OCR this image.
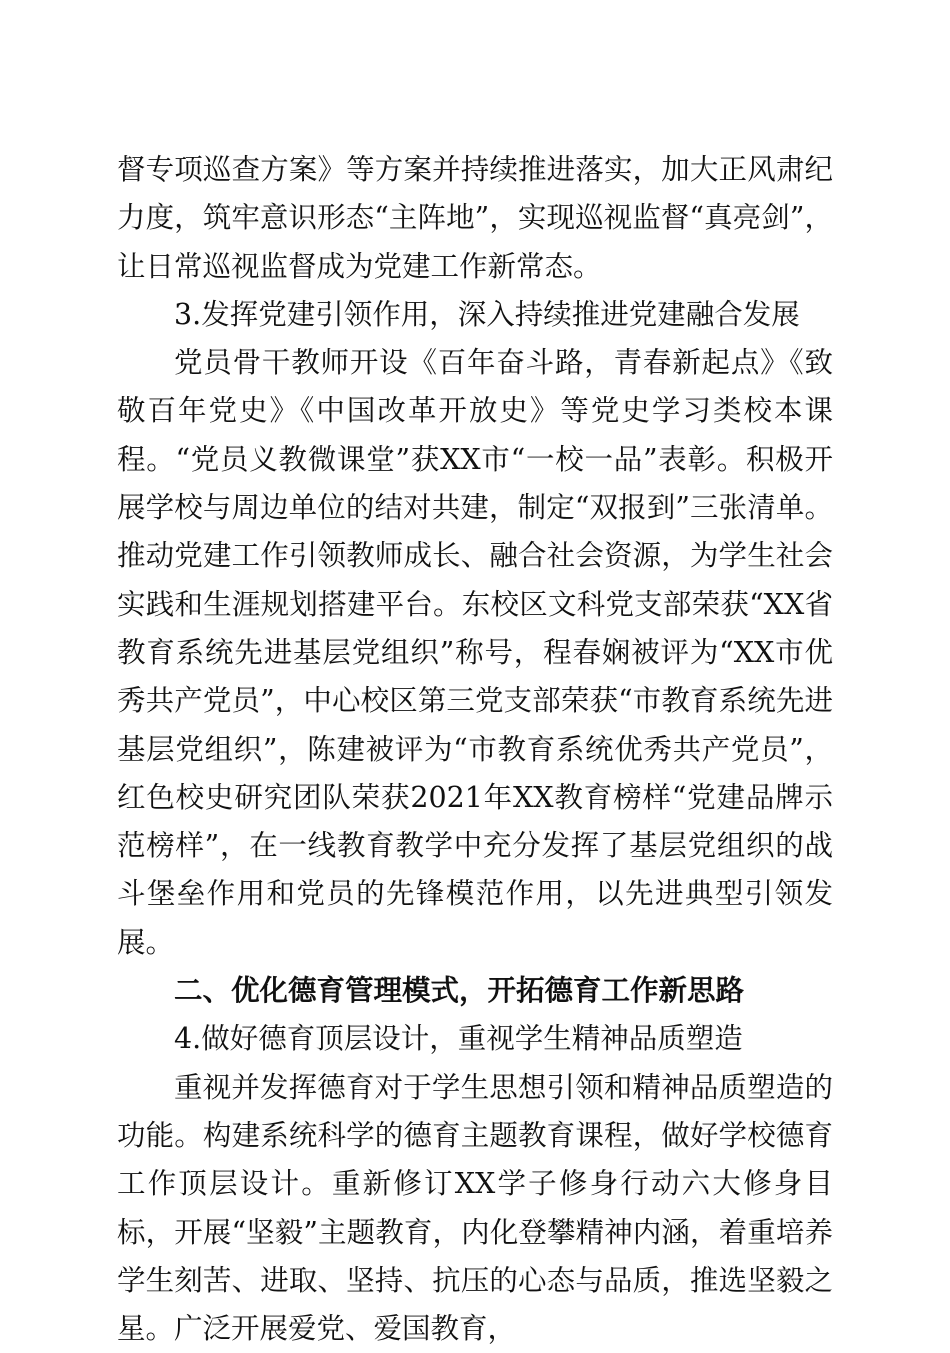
督专项巡查方案》等方案并持续推进落实，加大正风肃纪力度，筑牢意识形态“主阵地”，实现巡视监督“真亮剑”，让日常巡视监督成为党建工作新常态。

3.发挥党建引领作用，深入持续推进党建融合发展

党员骨干教师开设《百年奋斗路，青春新起点》《致敬百年党史》《中国改革开放史》等党史学习类校本课程。“党员义教微课堂”获XX市“一校一品”表彰。积极开展学校与周边单位的结对共建，制定“双报到”三张清单。推动党建工作引领教师成长、融合社会资源，为学生社会实践和生涯规划搭建平台。东校区文科党支部荣获“XX省教育系统先进基层党组织”称号，程春娴被评为“XX市优秀共产党员”，中心校区第三党支部荣获“市教育系统先进基层党组织”，陈建被评为“市教育系统优秀共产党员”，红色校史研究团队荣获2021年XX教育榜样“党建品牌示范榜样”，在一线教育教学中充分发挥了基层党组织的战斗堡垒作用和党员的先锋模范作用，以先进典型引领发展。

二、优化德育管理模式，开拓德育工作新思路

4.做好德育顶层设计，重视学生精神品质塑造

重视并发挥德育对于学生思想引领和精神品质塑造的功能。构建系统科学的德育主题教育课程，做好学校德育工作顶层设计。重新修订XX学子修身行动六大修身目标，开展“坚毅”主题教育，内化登攀精神内涵，着重培养学生刻苦、进取、坚持、抗压的心态与品质，推选坚毅之星。广泛开展爱党、爱国教育，
